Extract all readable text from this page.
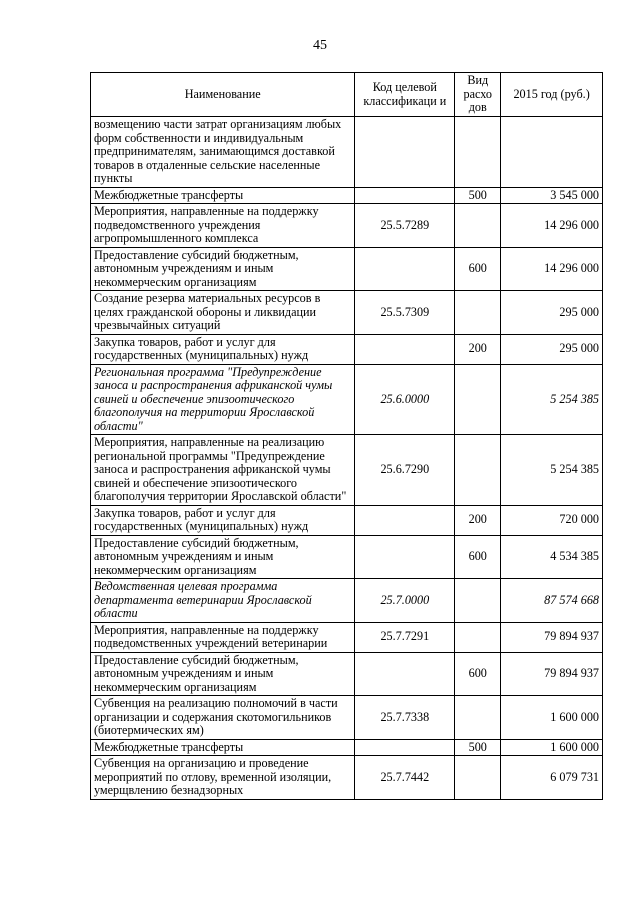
45
Наименование	Код целевой классификаци и	Вид расхо дов	2015 год (руб.)
возмещению части затрат организациям любых форм собственности и индивидуальным предпринимателям, занимающимся доставкой товаров в отдаленные сельские населенные пункты			
Межбюджетные трансферты		500	3 545 000
Мероприятия, направленные на поддержку подведомственного учреждения агропромышленного комплекса	25.5.7289		14 296 000
Предоставление субсидий бюджетным, автономным учреждениям и иным некоммерческим организациям		600	14 296 000
Создание резерва материальных ресурсов в целях гражданской обороны и ликвидации чрезвычайных ситуаций	25.5.7309		295 000
Закупка товаров, работ и услуг для государственных (муниципальных) нужд		200	295 000
Региональная программа "Предупреждение заноса и распространения африканской чумы свиней и обеспечение эпизоотического благополучия на территории Ярославской области"	25.6.0000		5 254 385
Мероприятия, направленные на реализацию региональной программы "Предупреждение заноса и распространения африканской чумы свиней и обеспечение эпизоотического благополучия территории Ярославской области"	25.6.7290		5 254 385
Закупка товаров, работ и услуг для государственных (муниципальных) нужд		200	720 000
Предоставление субсидий бюджетным, автономным учреждениям и иным некоммерческим организациям		600	4 534 385
Ведомственная целевая программа департамента ветеринарии Ярославской области	25.7.0000		87 574 668
Мероприятия, направленные на поддержку подведомственных учреждений ветеринарии	25.7.7291		79 894 937
Предоставление субсидий бюджетным, автономным учреждениям и иным некоммерческим организациям		600	79 894 937
Субвенция на реализацию полномочий в части организации и содержания скотомогильников (биотермических ям)	25.7.7338		1 600 000
Межбюджетные трансферты		500	1 600 000
Субвенция на организацию и проведение мероприятий по отлову, временной изоляции, умерщвлению безнадзорных	25.7.7442		6 079 731
